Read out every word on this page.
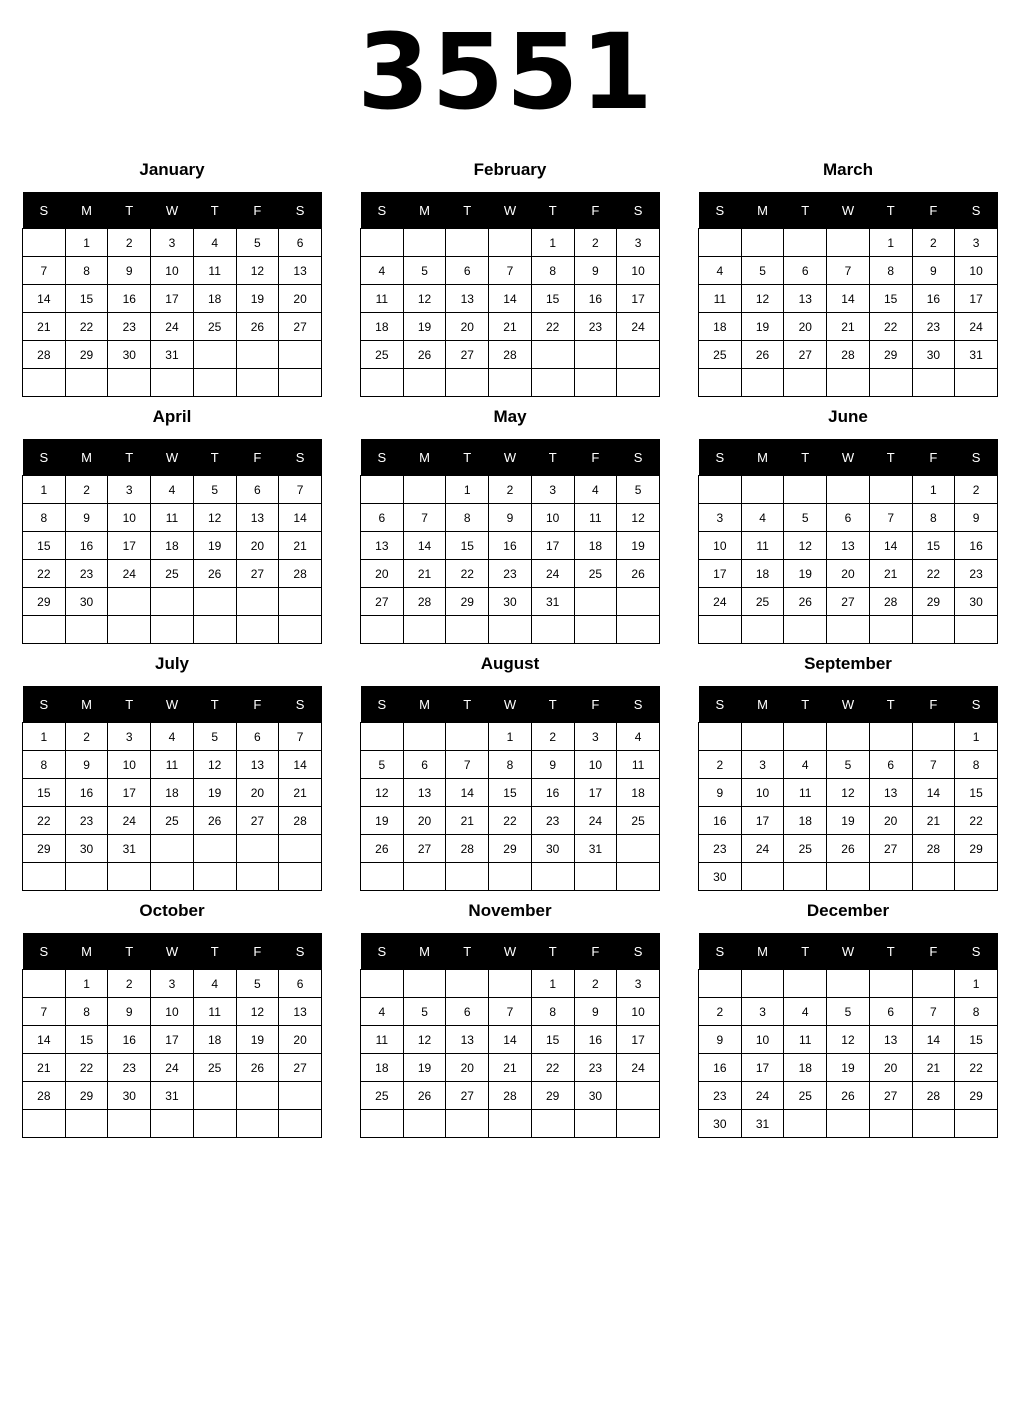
3551
January
S	M	T	W	T	F	S
	1	2	3	4	5	6
7	8	9	10	11	12	13
14	15	16	17	18	19	20
21	22	23	24	25	26	27
28	29	30	31			

February
S	M	T	W	T	F	S
				1	2	3
4	5	6	7	8	9	10
11	12	13	14	15	16	17
18	19	20	21	22	23	24
25	26	27	28			

March
S	M	T	W	T	F	S
				1	2	3
4	5	6	7	8	9	10
11	12	13	14	15	16	17
18	19	20	21	22	23	24
25	26	27	28	29	30	31

April
S	M	T	W	T	F	S
1	2	3	4	5	6	7
8	9	10	11	12	13	14
15	16	17	18	19	20	21
22	23	24	25	26	27	28
29	30					

May
S	M	T	W	T	F	S
		1	2	3	4	5
6	7	8	9	10	11	12
13	14	15	16	17	18	19
20	21	22	23	24	25	26
27	28	29	30	31		

June
S	M	T	W	T	F	S
					1	2
3	4	5	6	7	8	9
10	11	12	13	14	15	16
17	18	19	20	21	22	23
24	25	26	27	28	29	30

July
S	M	T	W	T	F	S
1	2	3	4	5	6	7
8	9	10	11	12	13	14
15	16	17	18	19	20	21
22	23	24	25	26	27	28
29	30	31				

August
S	M	T	W	T	F	S
			1	2	3	4
5	6	7	8	9	10	11
12	13	14	15	16	17	18
19	20	21	22	23	24	25
26	27	28	29	30	31	

September
S	M	T	W	T	F	S
						1
2	3	4	5	6	7	8
9	10	11	12	13	14	15
16	17	18	19	20	21	22
23	24	25	26	27	28	29
30						
October
S	M	T	W	T	F	S
	1	2	3	4	5	6
7	8	9	10	11	12	13
14	15	16	17	18	19	20
21	22	23	24	25	26	27
28	29	30	31			

November
S	M	T	W	T	F	S
				1	2	3
4	5	6	7	8	9	10
11	12	13	14	15	16	17
18	19	20	21	22	23	24
25	26	27	28	29	30	

December
S	M	T	W	T	F	S
						1
2	3	4	5	6	7	8
9	10	11	12	13	14	15
16	17	18	19	20	21	22
23	24	25	26	27	28	29
30	31					
